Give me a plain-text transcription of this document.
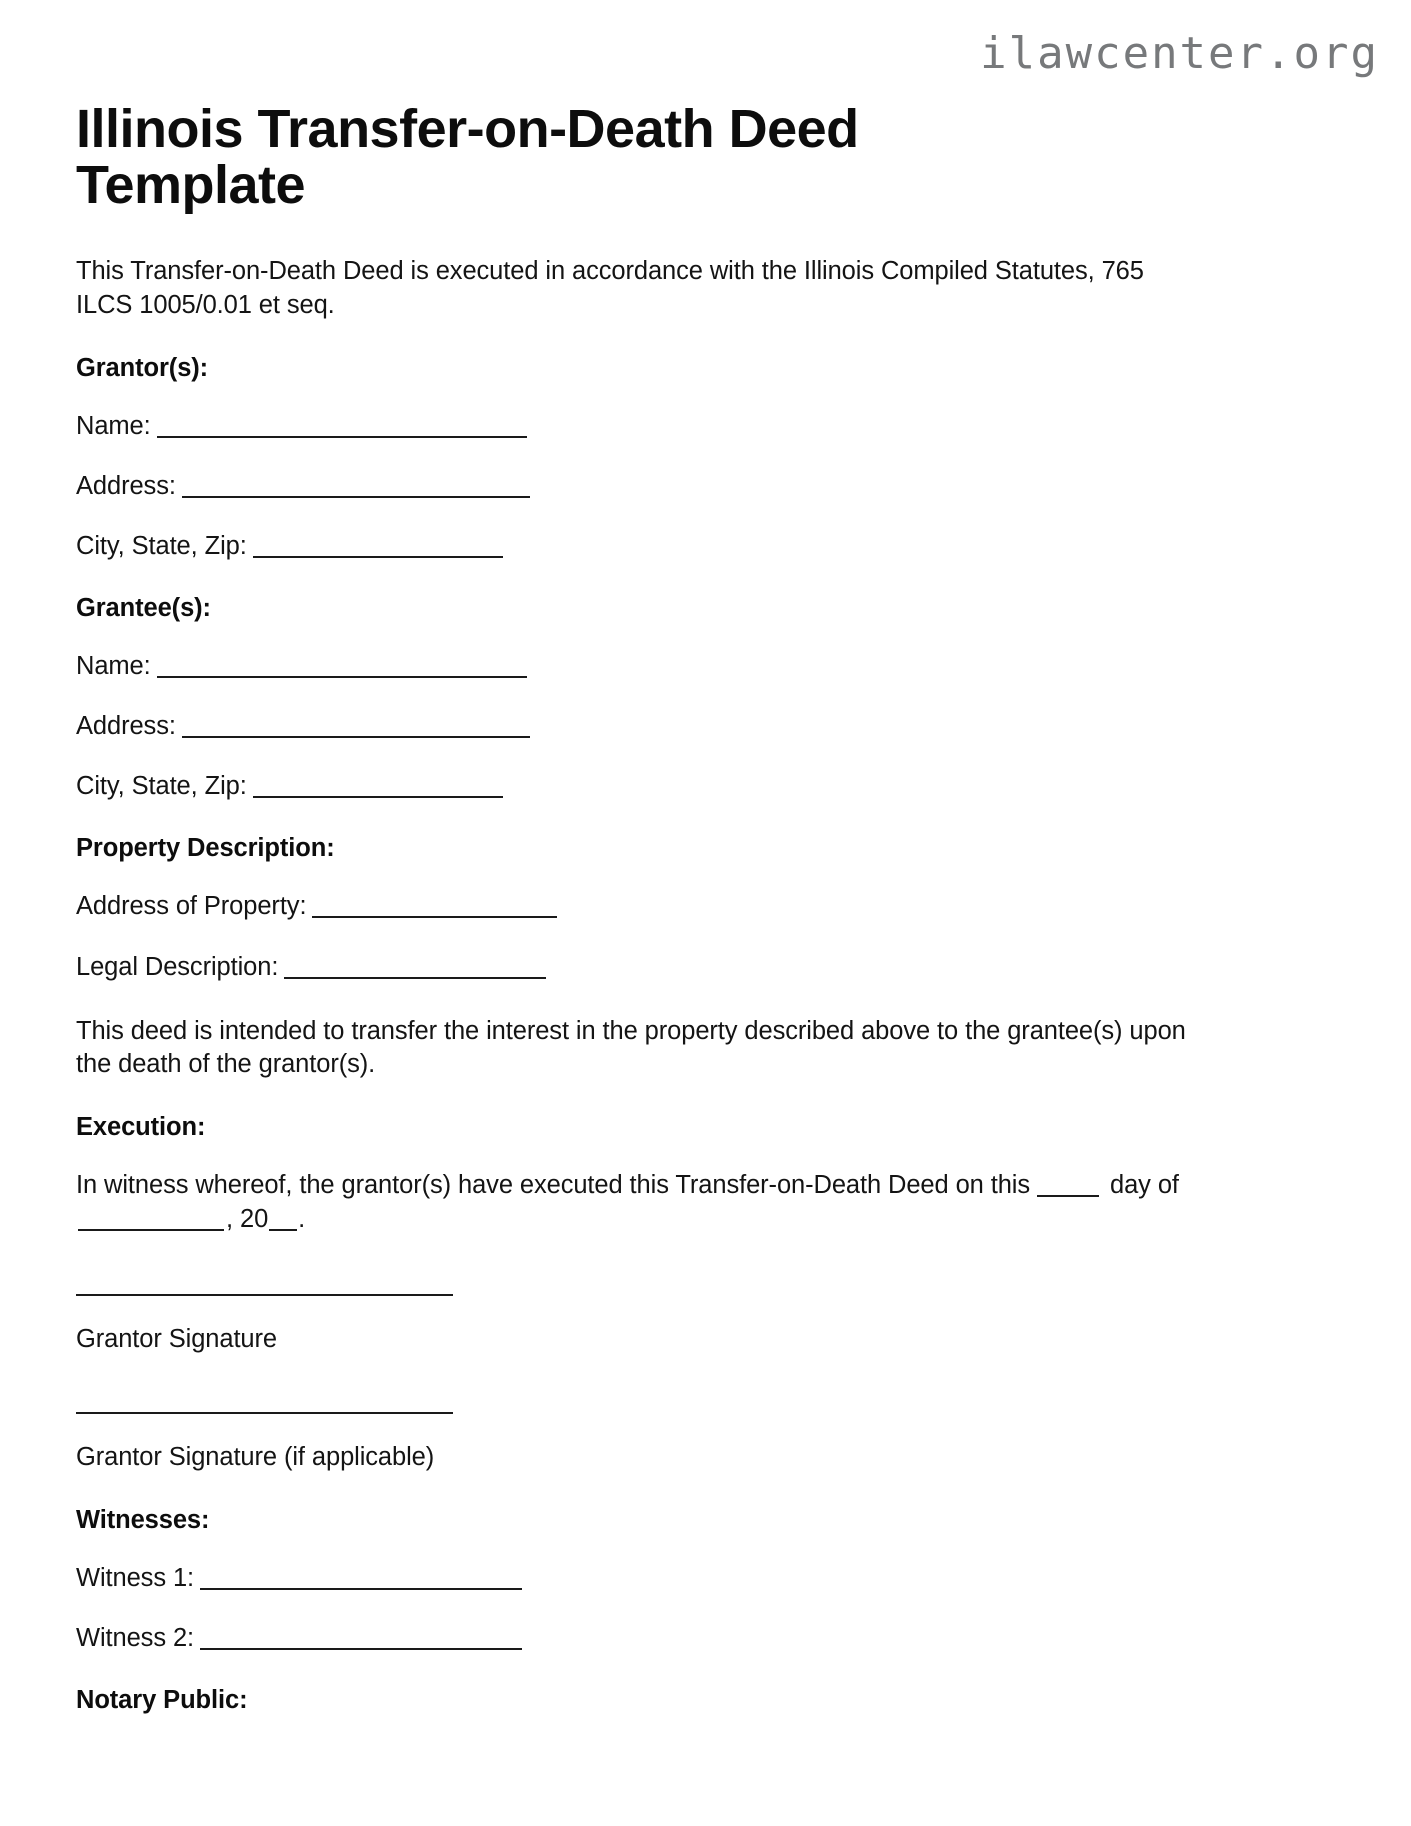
ilawcenter.org
Illinois Transfer-on-Death Deed Template

This Transfer-on-Death Deed is executed in accordance with the Illinois Compiled Statutes, 765 ILCS 1005/0.01 et seq.

Grantor(s):
Name:
Address:
City, State, Zip:
Grantee(s):
Name:
Address:
City, State, Zip:
Property Description:
Address of Property:
Legal Description:

This deed is intended to transfer the interest in the property described above to the grantee(s) upon the death of the grantor(s).

Execution:

In witness whereof, the grantor(s) have executed this Transfer-on-Death Deed on this	day of , 20 .

Grantor Signature
Grantor Signature (if applicable)
Witnesses:
Witness 1:
Witness 2:
Notary Public:
